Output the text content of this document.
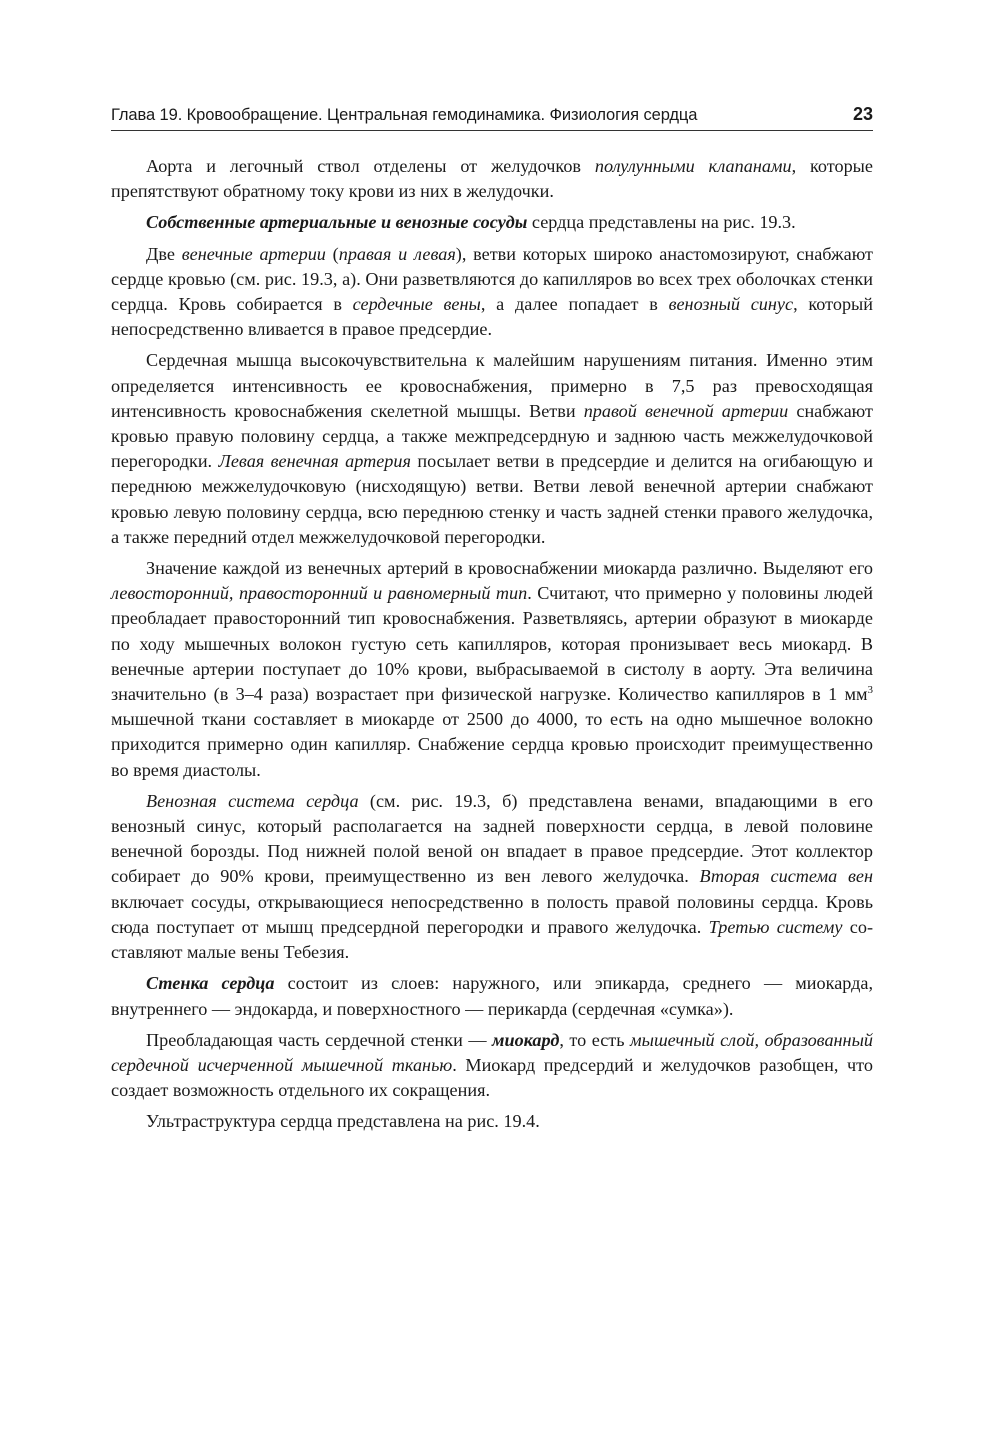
Глава 19. Кровообращение. Центральная гемодинамика. Физиология сердца	23

Аорта и легочный ствол отделены от желудочков полулунными клапанами, которые препятствуют обратному току крови из них в желудочки.

Собственные артериальные и венозные сосуды сердца представлены на рис. 19.3.

Две венечные артерии (правая и левая), ветви которых широко анастомозируют, снабжают сердце кровью (см. рис. 19.3, а). Они разветвляются до капилляров во всех трех оболочках стенки сердца. Кровь собирается в сердечные вены, а далее попадает в венозный синус, который непосредственно вливается в правое предсердие.

Сердечная мышца высокочувствительна к малейшим нарушениям питания. Именно этим определяется интенсивность ее кровоснабжения, примерно в 7,5 раз превосходящая интенсивность кровоснабжения скелетной мышцы. Ветви правой венечной артерии снабжают кровью правую половину сердца, а также межпредсердную и заднюю часть межжелудочковой перегородки. Левая венечная артерия посылает ветви в предсердие и делится на огибающую и переднюю межжелудочковую (нисходящую) ветви. Ветви левой венечной артерии снабжают кровью левую половину сердца, всю переднюю стенку и часть задней стенки правого желудочка, а также передний отдел межжелудочковой перегородки.

Значение каждой из венечных артерий в кровоснабжении миокарда различно. Выделяют его левосторонний, правосторонний и равномерный тип. Считают, что примерно у половины людей преобладает правосторонний тип кровоснабжения. Разветвляясь, артерии образуют в миокарде по ходу мышечных волокон густую сеть капилляров, которая пронизывает весь миокард. В венечные артерии поступает до 10% крови, выбрасываемой в систолу в аорту. Эта величина значительно (в 3–4 раза) возрастает при физической нагрузке. Количество капилляров в 1 $мм^3$ мышечной ткани составляет в миокарде от 2500 до 4000, то есть на одно мышечное волокно приходится примерно один капилляр. Снабжение сердца кровью происходит преимущественно во время диастолы.

Венозная система сердца (см. рис. 19.3, б) представлена венами, впадающими в его венозный синус, который располагается на задней поверхности сердца, в левой половине венечной борозды. Под нижней полой веной он впадает в правое предсердие. Этот коллектор собирает до 90% крови, преимущественно из вен левого желудочка. Вторая система вен включает сосуды, открывающиеся непосредственно в полость правой половины сердца. Кровь сюда поступает от мышц предсердной перегородки и правого желудочка. Третью систему составляют малые вены Тебезия.

Стенка сердца состоит из слоев: наружного, или эпикарда, среднего — миокарда, внутреннего — эндокарда, и поверхностного — перикарда (сердечная «сумка»).

Преобладающая часть сердечной стенки — миокард, то есть мышечный слой, образованный сердечной исчерченной мышечной тканью. Миокард предсердий и желудочков разобщен, что создает возможность отдельного их сокращения.

Ультраструктура сердца представлена на рис. 19.4.
